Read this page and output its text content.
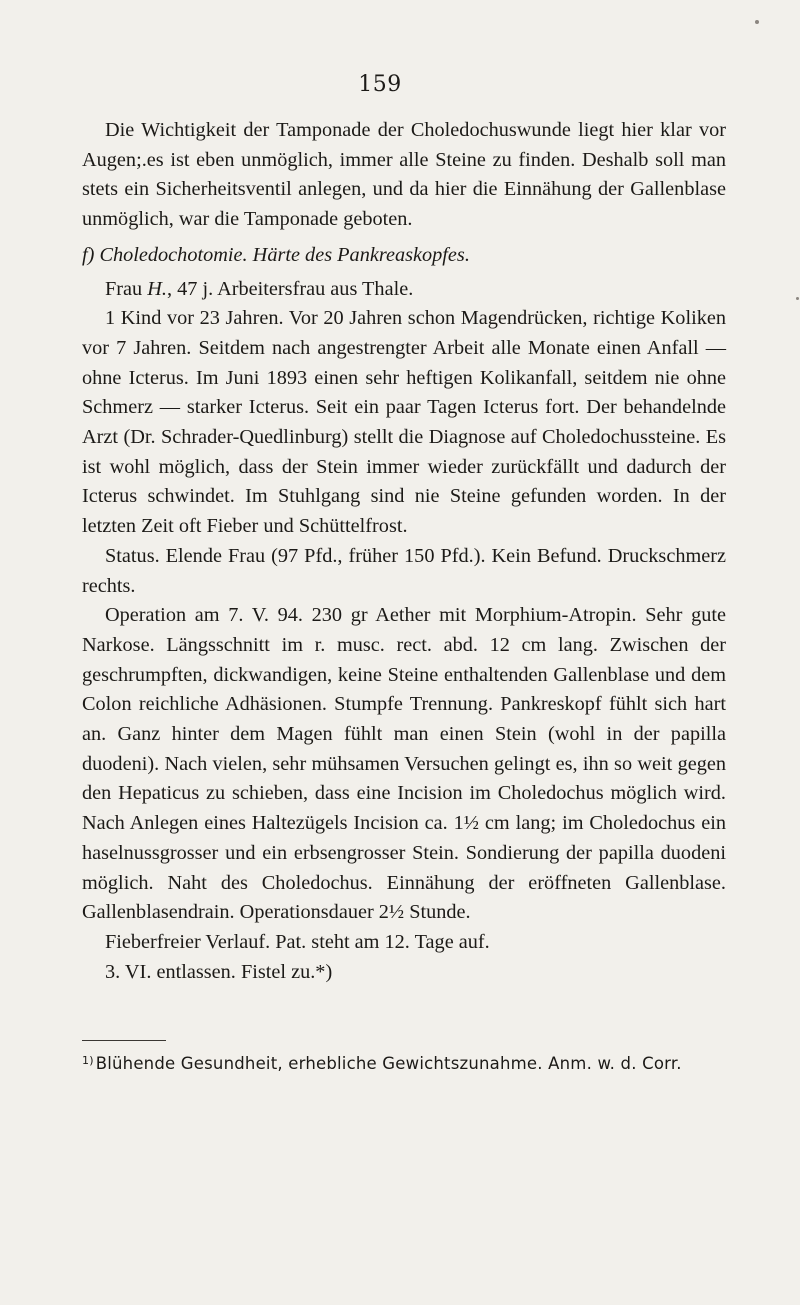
159

Die Wichtigkeit der Tamponade der Choledochuswunde liegt hier klar vor Augen;.es ist eben unmöglich, immer alle Steine zu finden. Deshalb soll man stets ein Sicherheitsventil anlegen, und da hier die Einnähung der Gallenblase unmöglich, war die Tamponade geboten.

f) Choledochotomie. Härte des Pankreaskopfes.

Frau H., 47 j. Arbeitersfrau aus Thale.

1 Kind vor 23 Jahren. Vor 20 Jahren schon Magendrücken, richtige Koliken vor 7 Jahren. Seitdem nach angestrengter Arbeit alle Monate einen Anfall — ohne Icterus. Im Juni 1893 einen sehr heftigen Kolikanfall, seitdem nie ohne Schmerz — starker Icterus. Seit ein paar Tagen Icterus fort. Der behandelnde Arzt (Dr. Schrader-Quedlinburg) stellt die Diagnose auf Choledochussteine. Es ist wohl möglich, dass der Stein immer wieder zurückfällt und dadurch der Icterus schwindet. Im Stuhlgang sind nie Steine gefunden worden. In der letzten Zeit oft Fieber und Schüttelfrost.

Status. Elende Frau (97 Pfd., früher 150 Pfd.). Kein Befund. Druckschmerz rechts.

Operation am 7. V. 94. 230 gr Aether mit Morphium-Atropin. Sehr gute Narkose. Längsschnitt im r. musc. rect. abd. 12 cm lang. Zwischen der geschrumpften, dickwandigen, keine Steine enthaltenden Gallenblase und dem Colon reichliche Adhäsionen. Stumpfe Trennung. Pankreskopf fühlt sich hart an. Ganz hinter dem Magen fühlt man einen Stein (wohl in der papilla duodeni). Nach vielen, sehr mühsamen Versuchen gelingt es, ihn so weit gegen den Hepaticus zu schieben, dass eine Incision im Choledochus möglich wird. Nach Anlegen eines Haltezügels Incision ca. 1½ cm lang; im Choledochus ein haselnussgrosser und ein erbsengrosser Stein. Sondierung der papilla duodeni möglich. Naht des Choledochus. Einnähung der eröffneten Gallenblase. Gallenblasendrain. Operationsdauer 2½ Stunde.

Fieberfreier Verlauf. Pat. steht am 12. Tage auf.

3. VI. entlassen. Fistel zu.*)

$^{1)}$ Blühende Gesundheit, erhebliche Gewichtszunahme. Anm. w. d. Corr.
